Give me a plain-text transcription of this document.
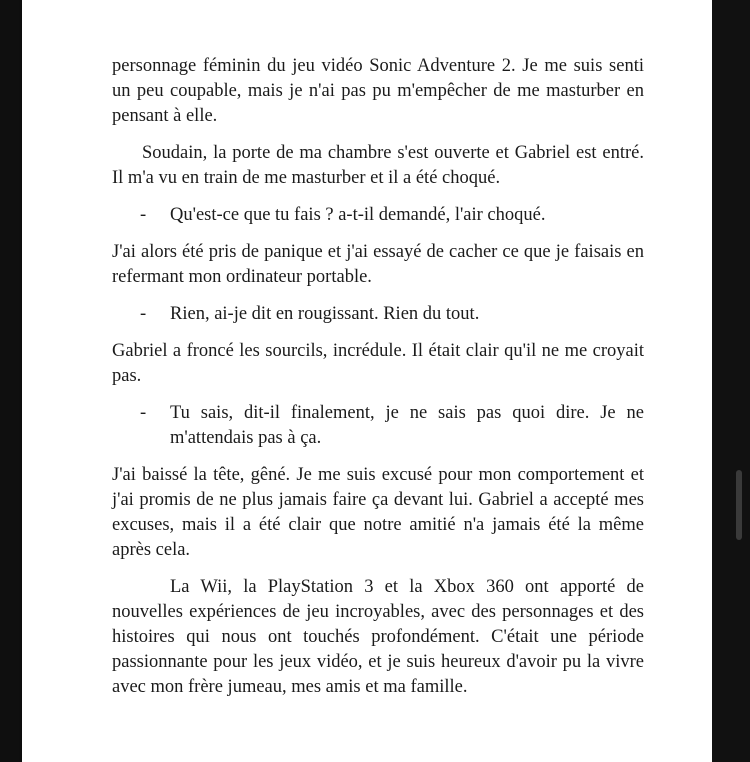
personnage féminin du jeu vidéo Sonic Adventure 2. Je me suis senti un peu coupable, mais je n'ai pas pu m'empêcher de me masturber en pensant à elle.

Soudain, la porte de ma chambre s'est ouverte et Gabriel est entré. Il m'a vu en train de me masturber et il a été choqué.

- Qu'est-ce que tu fais ? a-t-il demandé, l'air choqué.

J'ai alors été pris de panique et j'ai essayé de cacher ce que je faisais en refermant mon ordinateur portable.

- Rien, ai-je dit en rougissant. Rien du tout.

Gabriel a froncé les sourcils, incrédule. Il était clair qu'il ne me croyait pas.

- Tu sais, dit-il finalement, je ne sais pas quoi dire. Je ne m'attendais pas à ça.

J'ai baissé la tête, gêné. Je me suis excusé pour mon comportement et j'ai promis de ne plus jamais faire ça devant lui. Gabriel a accepté mes excuses, mais il a été clair que notre amitié n'a jamais été la même après cela.

La Wii, la PlayStation 3 et la Xbox 360 ont apporté de nouvelles expériences de jeu incroyables, avec des personnages et des histoires qui nous ont touchés profondément. C'était une période passionnante pour les jeux vidéo, et je suis heureux d'avoir pu la vivre avec mon frère jumeau, mes amis et ma famille.
